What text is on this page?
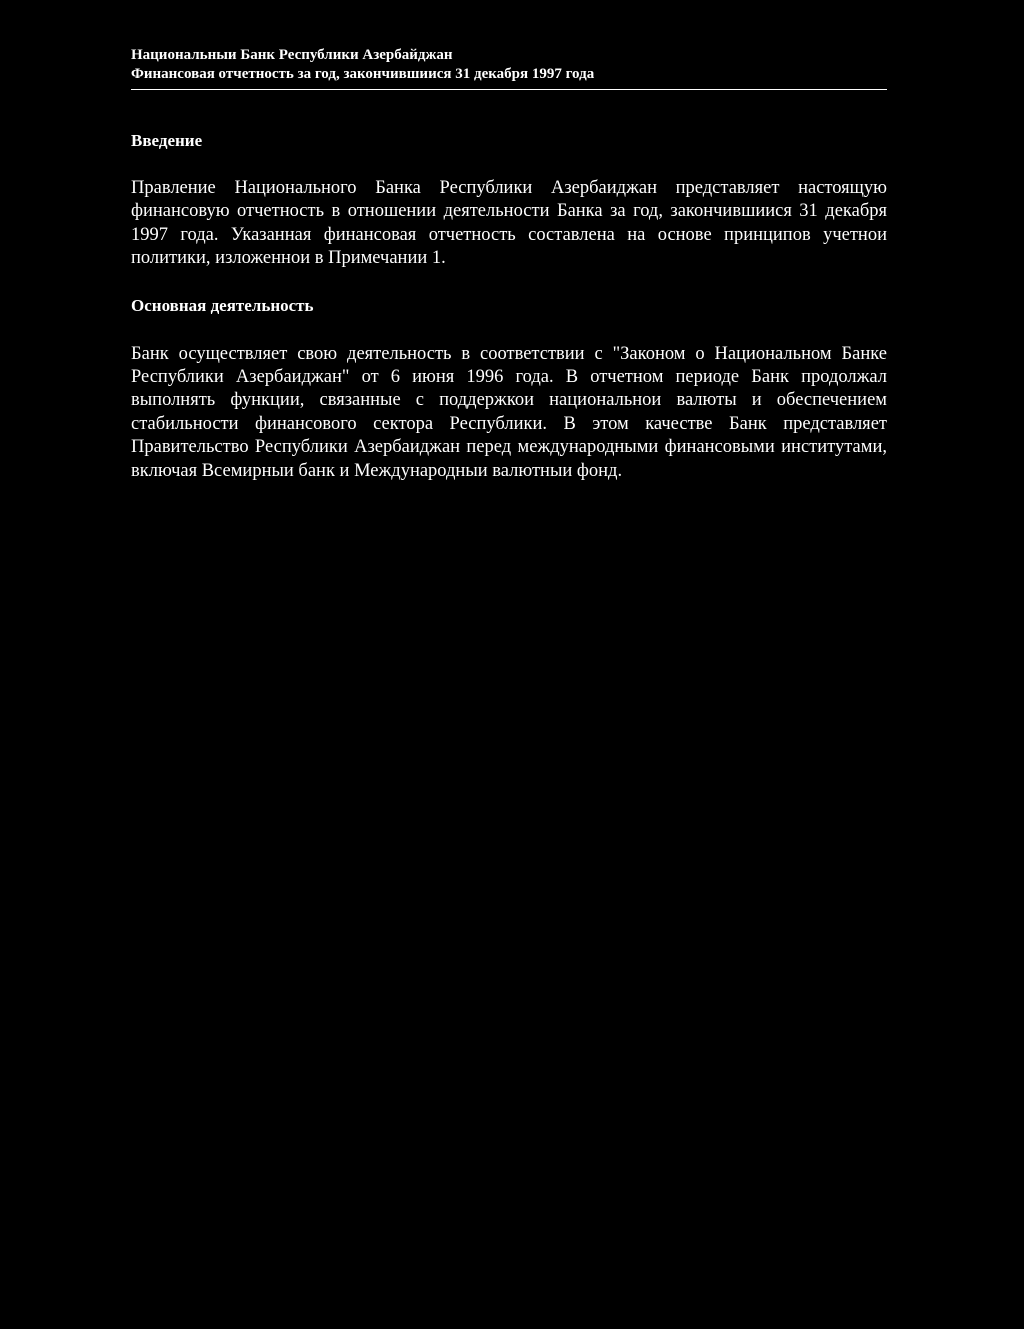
Национальныи Банк Республики Азербайджан
Финансовая отчетность за год, закончившиися 31 декабря 1997 года
Введение

Правление Национального Банка Республики Азербаиджан представляет настоящую финансовую отчетность в отношении деятельности Банка за год, закончившиися 31 декабря 1997 года. Указанная финансовая отчетность составлена на основе принципов учетнои политики, изложеннои в Примечании 1.

Основная деятельность

Банк осуществляет свою деятельность в соответствии с "Законом о Национальном Банке Республики Азербаиджан" от 6 июня 1996 года. В отчетном периоде Банк продолжал выполнять функции, связанные с поддержкои национальнои валюты и обеспечением стабильности финансового сектора Республики. В этом качестве Банк представляет Правительство Республики Азербаиджан перед международными финансовыми институтами, включая Всемирныи банк и Международныи валютныи фонд.
